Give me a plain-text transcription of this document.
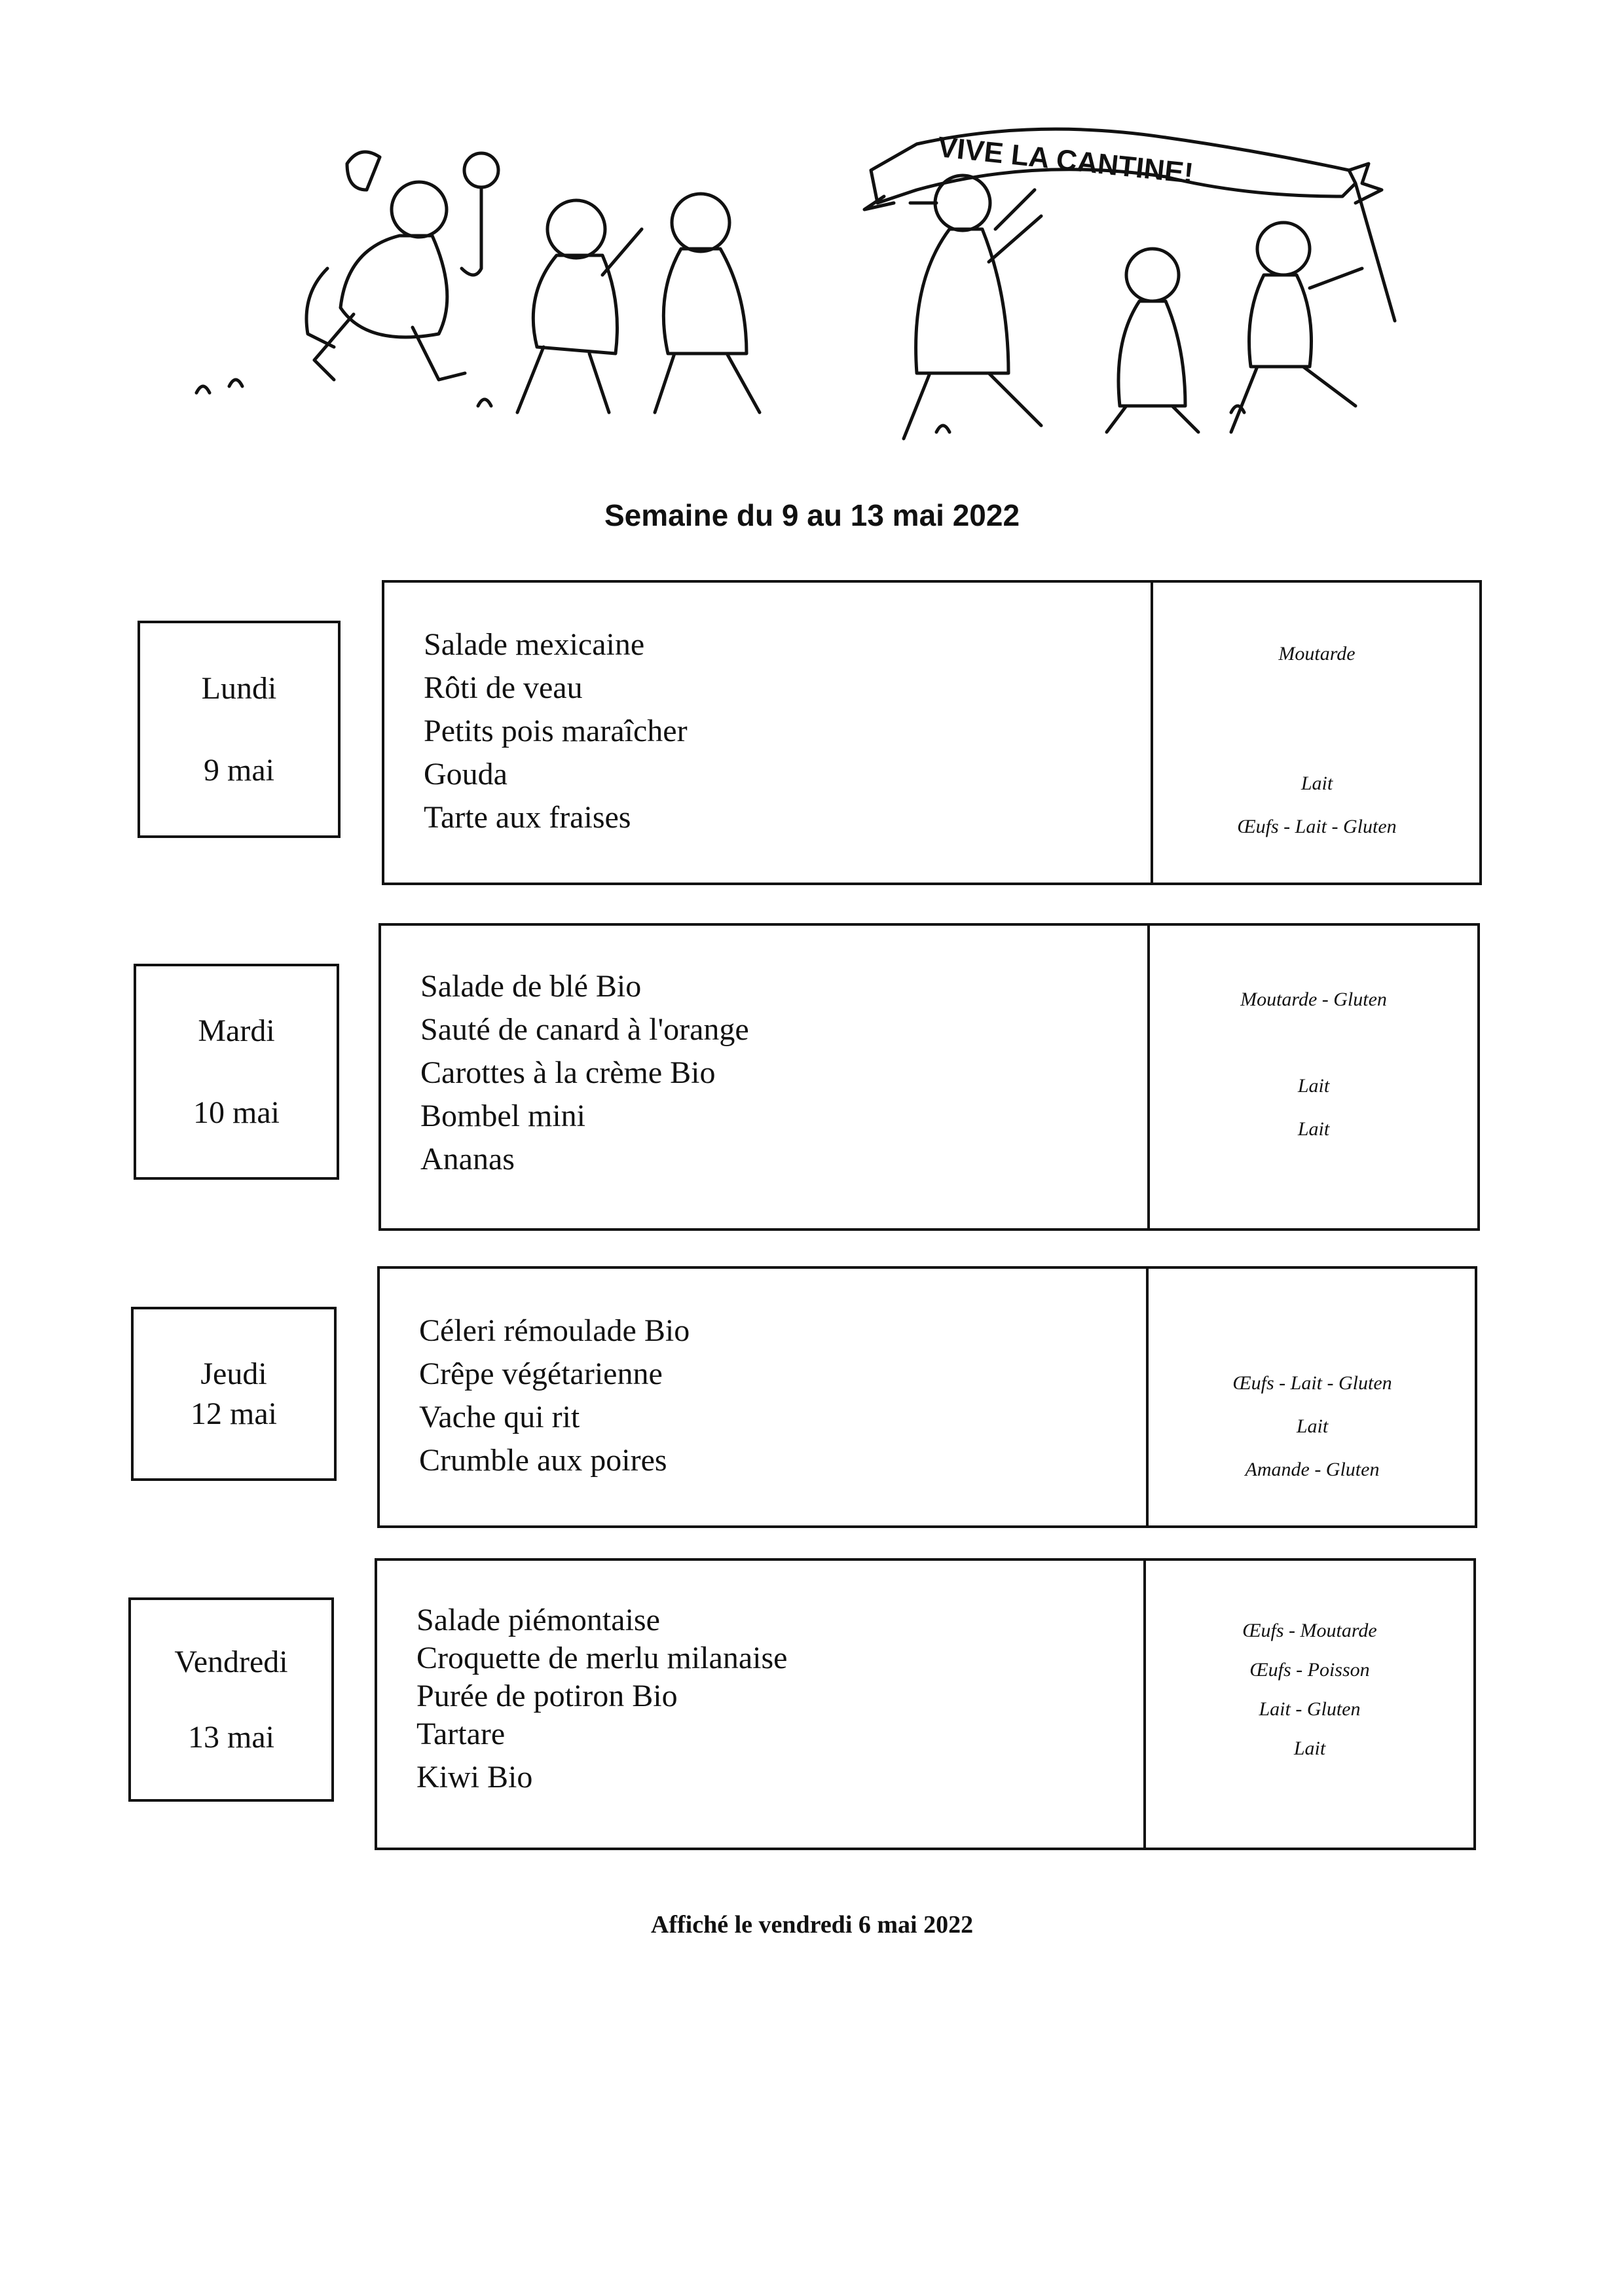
VIVE LA CANTINE!
Semaine du 9 au 13 mai 2022
Lundi
9 mai
Salade mexicaine
Rôti de veau
Petits pois maraîcher
Gouda
Tarte aux fraises
Moutarde
Lait
Œufs - Lait - Gluten
Mardi
10 mai
Salade de blé Bio
Sauté de canard à l'orange
Carottes à la crème Bio
Bombel mini
Ananas
Moutarde - Gluten
Lait
Lait
Jeudi
12 mai
Céleri rémoulade Bio
Crêpe végétarienne
Vache qui rit
Crumble aux poires
Œufs - Lait - Gluten
Lait
Amande - Gluten
Vendredi
13 mai
Salade piémontaise
Croquette de merlu milanaise
Purée de potiron Bio
Tartare
Kiwi Bio
Œufs - Moutarde
Œufs - Poisson
Lait - Gluten
Lait
Affiché le vendredi 6 mai 2022
